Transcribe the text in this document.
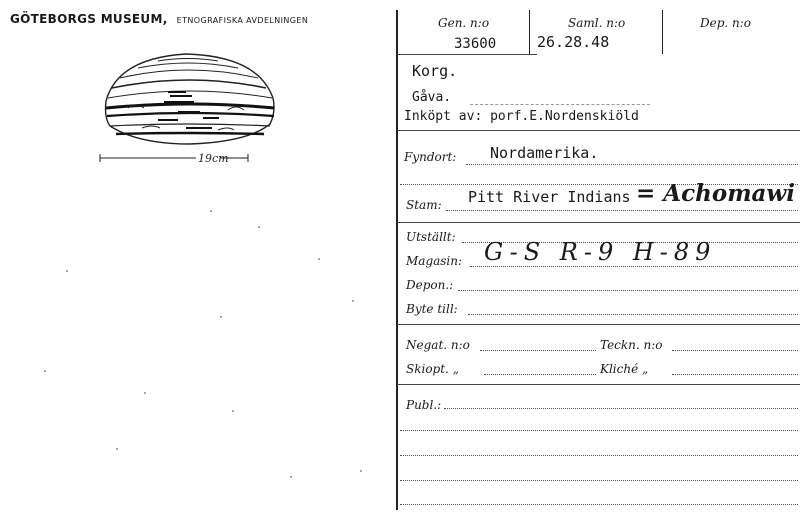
GÖTEBORGS MUSEUM, ETNOGRAFISKA AVDELNINGEN
19cm
Gen. n:o	Saml. n:o	Dep. n:o
33600	26.28.48
Korg.
Gåva.
Inköpt av: porf.E.Nordenskiöld
Fyndort: Nordamerika.
Stam: Pitt River Indians = Achomawi
Utställt:
Magasin: G-S R-9 H-89
Depon.:
Byte till:
Negat. n:o	Teckn. n:o
Skiopt. „	Kliché „
Publ.:
